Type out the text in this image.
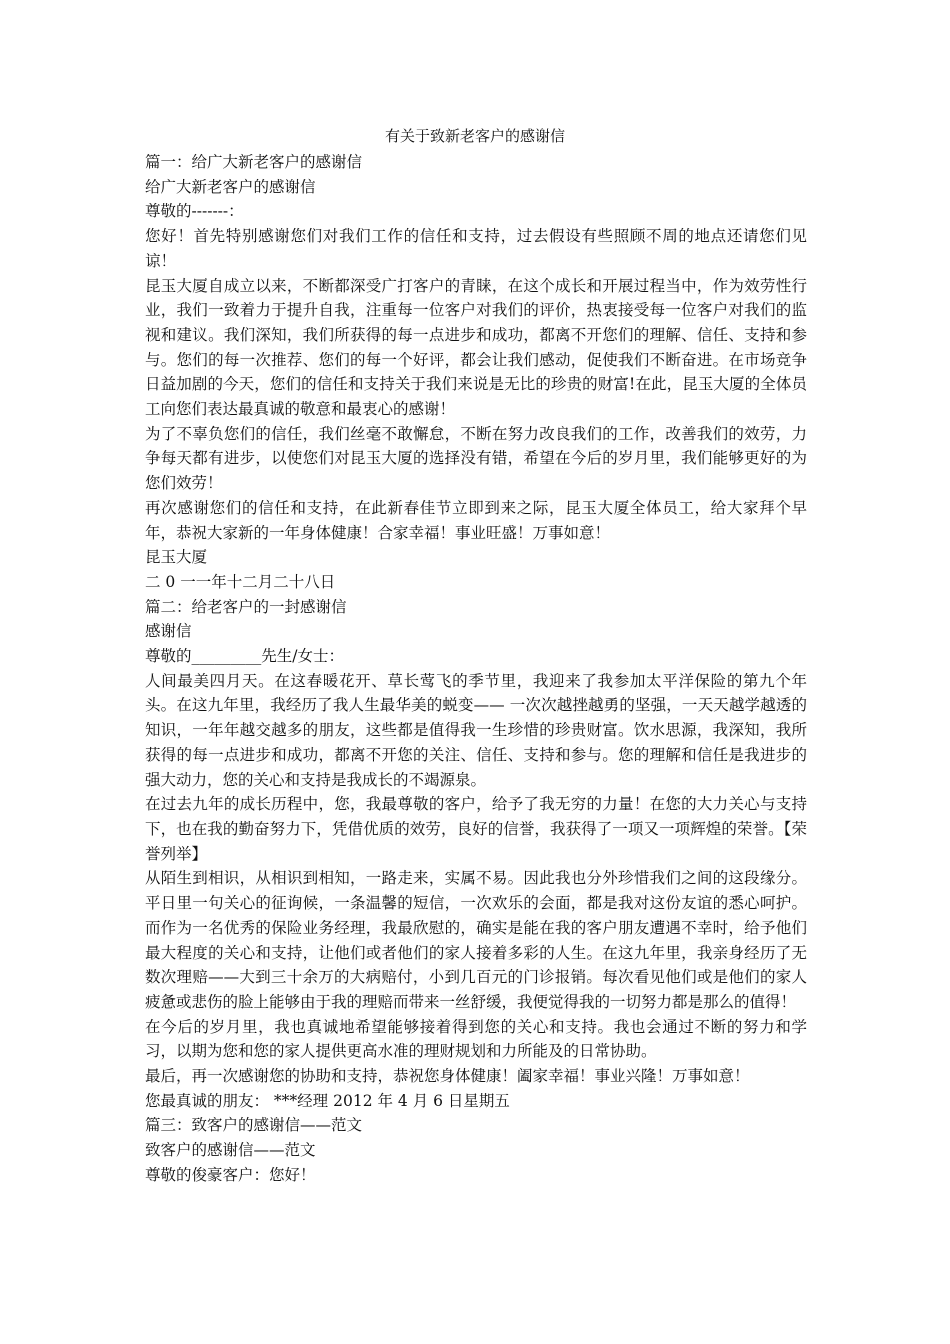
有关于致新老客户的感谢信

篇一：给广大新老客户的感谢信

给广大新老客户的感谢信

尊敬的-------：

您好！首先特别感谢您们对我们工作的信任和支持，过去假设有些照顾不周的地点还请您们见谅！

昆玉大厦自成立以来，不断都深受广打客户的青睐，在这个成长和开展过程当中，作为效劳性行业，我们一致着力于提升自我，注重每一位客户对我们的评价，热衷接受每一位客户对我们的监视和建议。我们深知，我们所获得的每一点进步和成功，都离不开您们的理解、信任、支持和参与。您们的每一次推荐、您们的每一个好评，都会让我们感动，促使我们不断奋进。在市场竞争日益加剧的今天，您们的信任和支持关于我们来说是无比的珍贵的财富!在此，昆玉大厦的全体员工向您们表达最真诚的敬意和最衷心的感谢！

为了不辜负您们的信任，我们丝毫不敢懈怠，不断在努力改良我们的工作，改善我们的效劳，力争每天都有进步，以使您们对昆玉大厦的选择没有错，希望在今后的岁月里，我们能够更好的为您们效劳！

再次感谢您们的信任和支持，在此新春佳节立即到来之际，昆玉大厦全体员工，给大家拜个早年，恭祝大家新的一年身体健康！合家幸福！事业旺盛！万事如意！

昆玉大厦

二 0 一一年十二月二十八日

篇二：给老客户的一封感谢信

感谢信

尊敬的_________先生/女士：

人间最美四月天。在这春暖花开、草长莺飞的季节里，我迎来了我参加太平洋保险的第九个年头。在这九年里，我经历了我人生最华美的蜕变—— 一次次越挫越勇的坚强，一天天越学越透的知识，一年年越交越多的朋友，这些都是值得我一生珍惜的珍贵财富。饮水思源，我深知，我所获得的每一点进步和成功，都离不开您的关注、信任、支持和参与。您的理解和信任是我进步的强大动力，您的关心和支持是我成长的不竭源泉。

在过去九年的成长历程中，您，我最尊敬的客户，给予了我无穷的力量！在您的大力关心与支持下，也在我的勤奋努力下，凭借优质的效劳，良好的信誉，我获得了一项又一项辉煌的荣誉。【荣誉列举】

从陌生到相识，从相识到相知，一路走来，实属不易。因此我也分外珍惜我们之间的这段缘分。平日里一句关心的征询候，一条温馨的短信，一次欢乐的会面，都是我对这份友谊的悉心呵护。而作为一名优秀的保险业务经理，我最欣慰的，确实是能在我的客户朋友遭遇不幸时，给予他们最大程度的关心和支持，让他们或者他们的家人接着多彩的人生。在这九年里，我亲身经历了无数次理赔——大到三十余万的大病赔付，小到几百元的门诊报销。每次看见他们或是他们的家人疲惫或悲伤的脸上能够由于我的理赔而带来一丝舒缓，我便觉得我的一切努力都是那么的值得！

在今后的岁月里，我也真诚地希望能够接着得到您的关心和支持。我也会通过不断的努力和学习，以期为您和您的家人提供更高水准的理财规划和力所能及的日常协助。

最后，再一次感谢您的协助和支持，恭祝您身体健康！阖家幸福！事业兴隆！万事如意！

您最真诚的朋友： ***经理 2012 年 4 月 6 日星期五

篇三：致客户的感谢信——范文

致客户的感谢信——范文

尊敬的俊豪客户：您好！
